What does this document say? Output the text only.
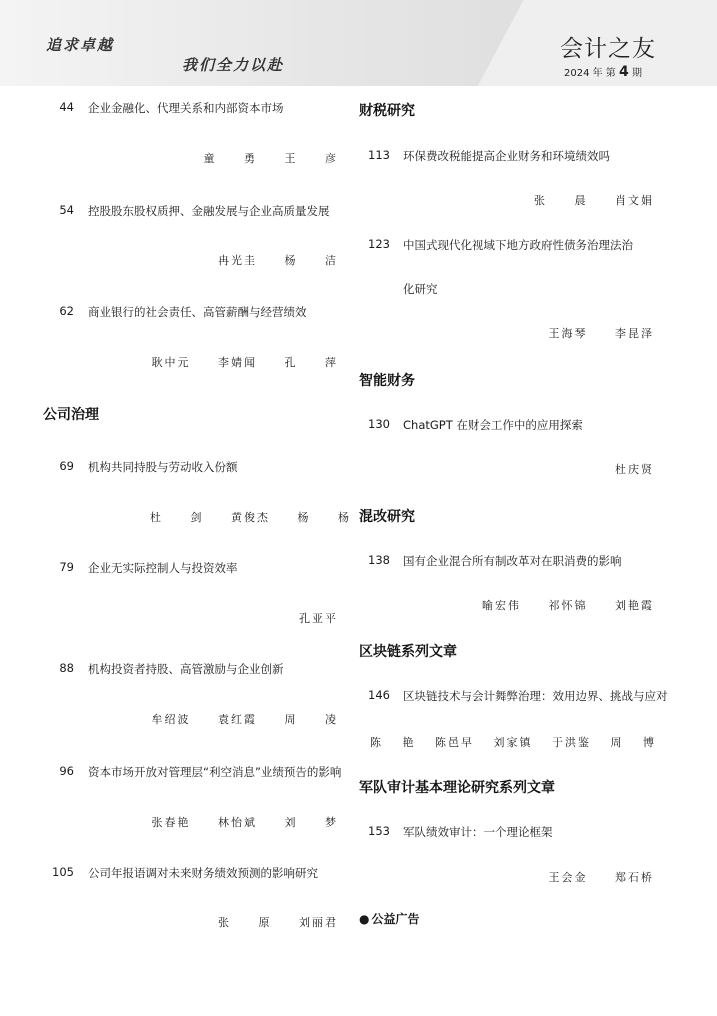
追求卓越
我们全力以赴
会计之友
2024 年 第 4 期
44 企业金融化、代理关系和内部资本市场
童 勇 王 彦
54 控股股东股权质押、金融发展与企业高质量发展
冉光圭 杨 洁
62 商业银行的社会责任、高管薪酬与经营绩效
耿中元 李婧闻 孔 萍
公司治理
69 机构共同持股与劳动收入份额
杜 剑 黄俊杰 杨 杨
79 企业无实际控制人与投资效率
孔亚平
88 机构投资者持股、高管激励与企业创新
牟绍波 袁红霞 周 凌
96 资本市场开放对管理层“利空消息”业绩预告的影响
张春艳 林怡斌 刘 梦
105 公司年报语调对未来财务绩效预测的影响研究
张 原 刘丽君
财税研究
113 环保费改税能提高企业财务和环境绩效吗
张 晨 肖文娟
123 中国式现代化视域下地方政府性债务治理法治
化研究
王海琴 李昆泽
智能财务
130 ChatGPT 在财会工作中的应用探索
杜庆贤
混改研究
138 国有企业混合所有制改革对在职消费的影响
喻宏伟 祁怀锦 刘艳霞
区块链系列文章
146 区块链技术与会计舞弊治理：效用边界、挑战与应对
陈 艳 陈邑早 刘家镇 于洪鉴 周 博
军队审计基本理论研究系列文章
153 军队绩效审计：一个理论框架
王会金 郑石桥
● 公益广告
